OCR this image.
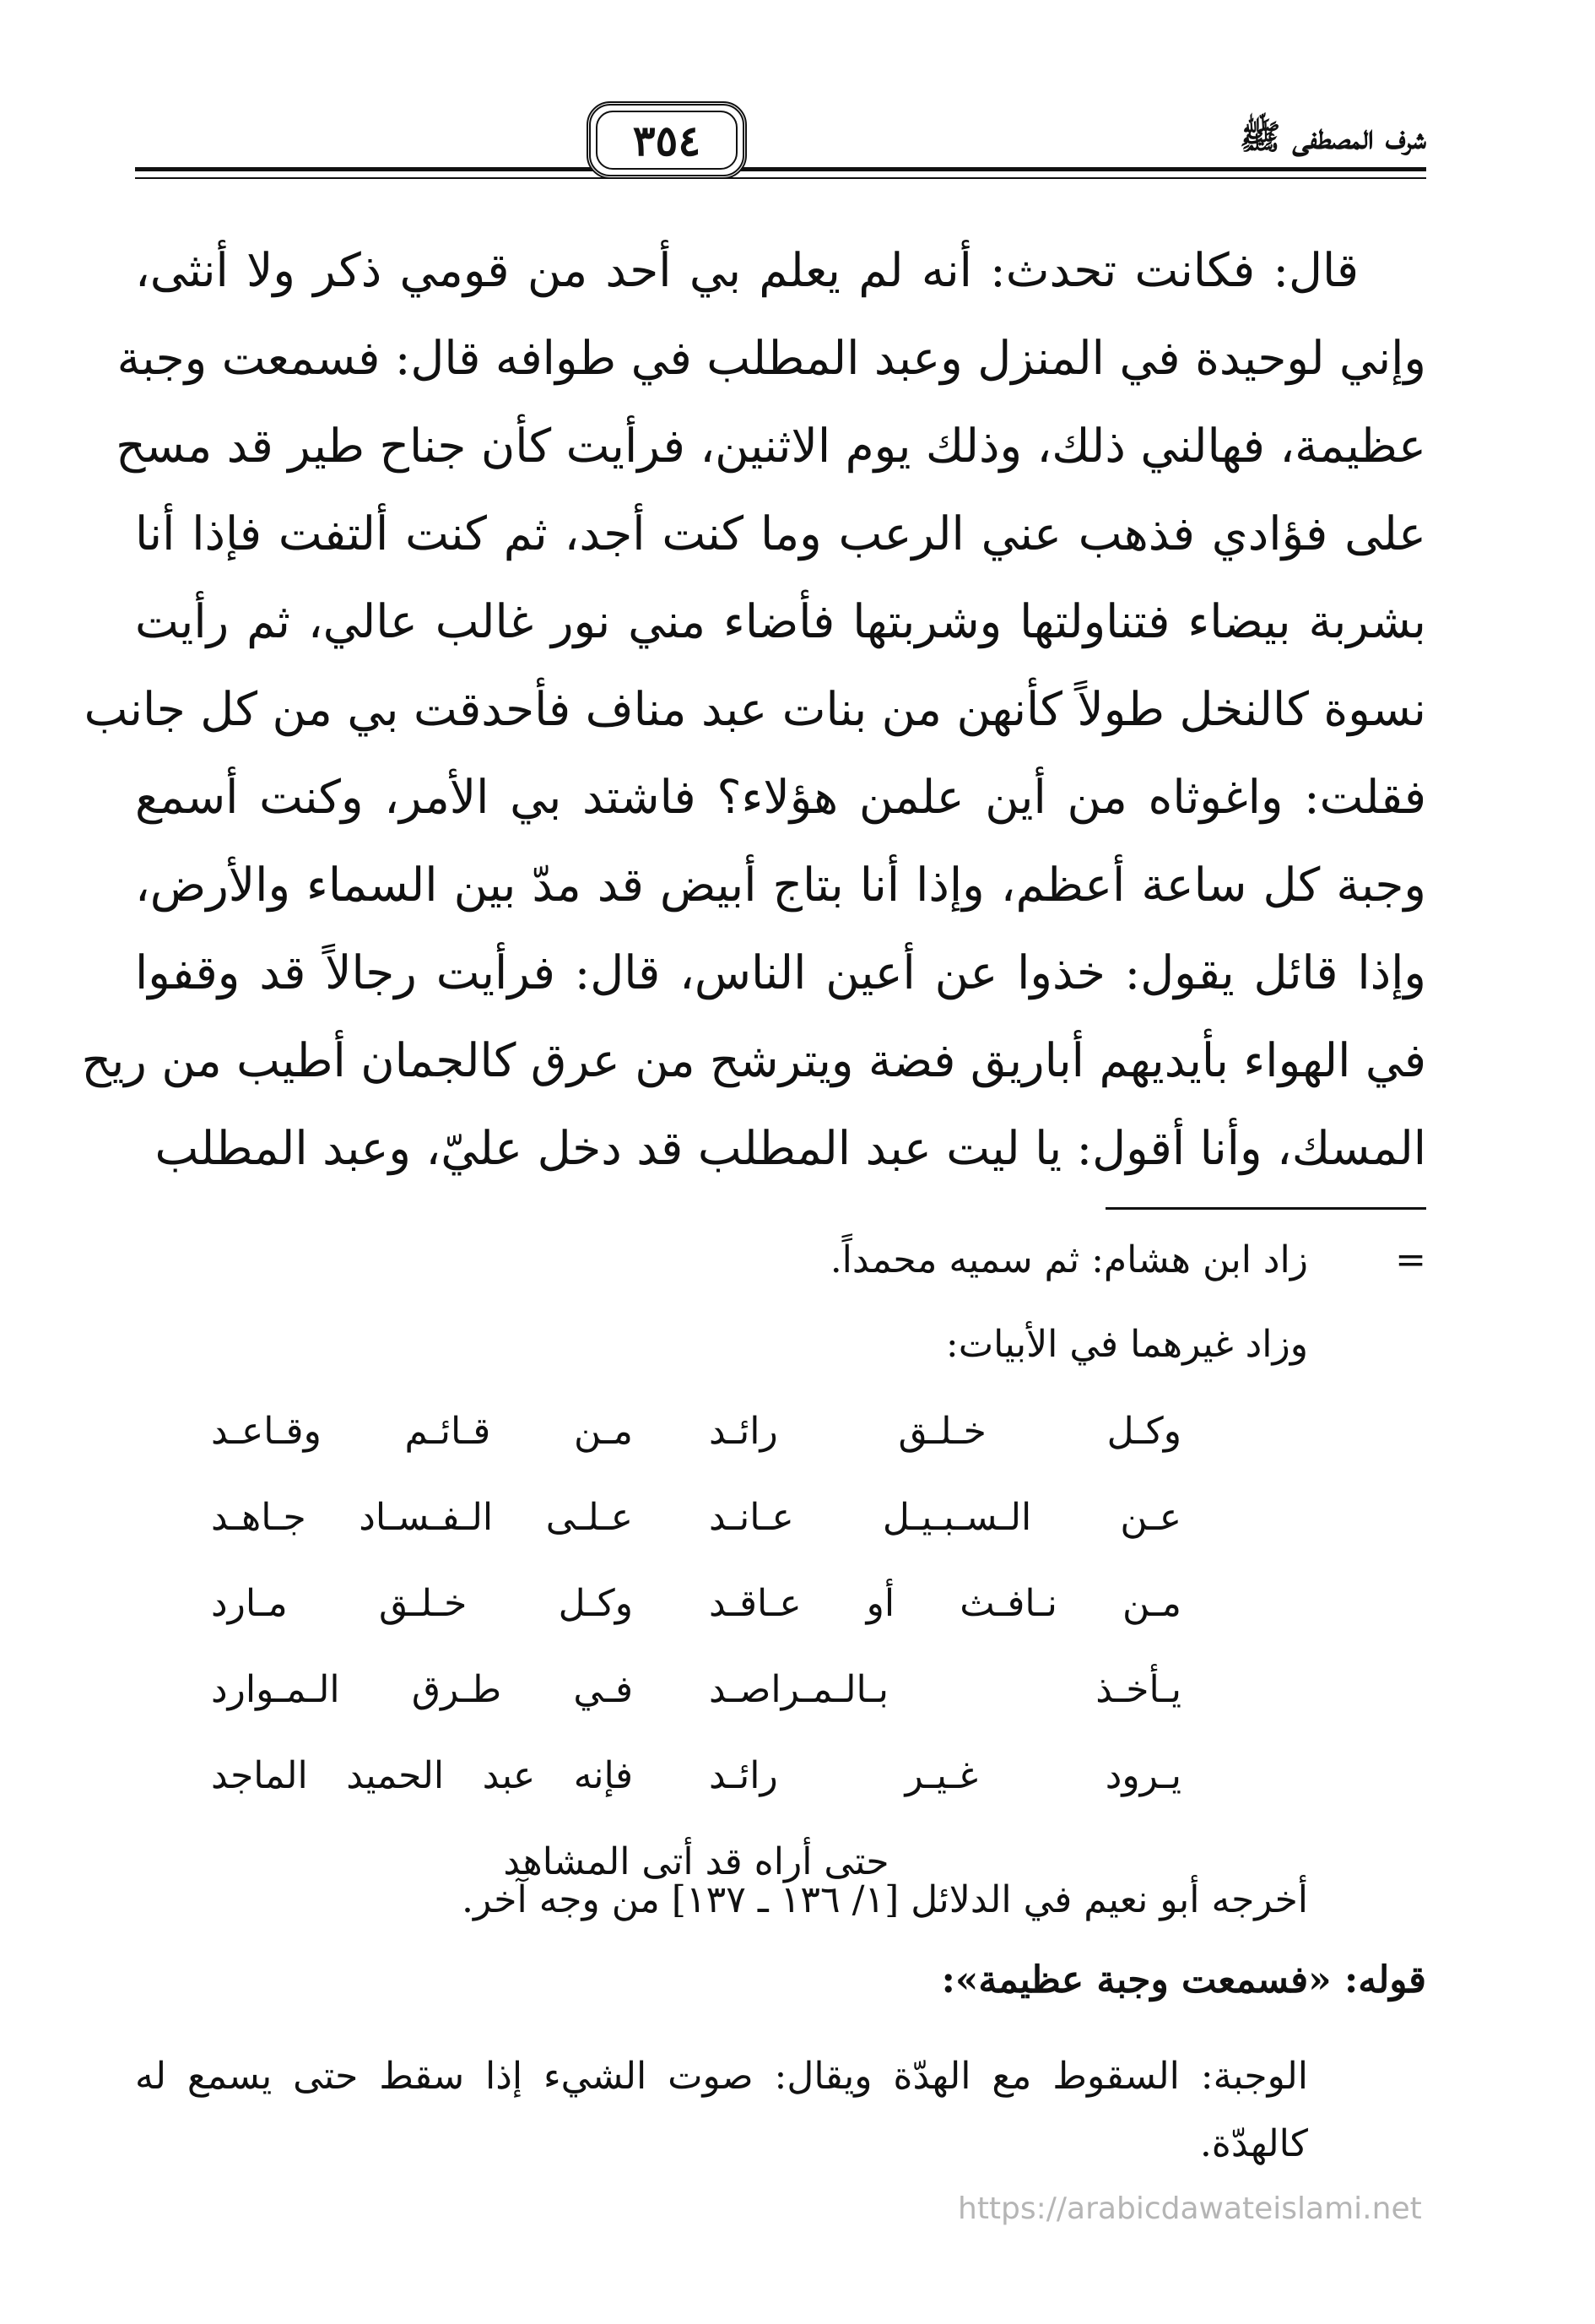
شرف المصطفى ﷺ
٣٥٤
قال: فكانت تحدث: أنه لم يعلم بي أحد من قومي ذكر ولا أنثى،
وإني لوحيدة في المنزل وعبد المطلب في طوافه قال: فسمعت وجبة
عظيمة، فهالني ذلك، وذلك يوم الاثنين، فرأيت كأن جناح طير قد مسح
على فؤادي فذهب عني الرعب وما كنت أجد، ثم كنت ألتفت فإذا أنا
بشربة بيضاء فتناولتها وشربتها فأضاء مني نور غالب عالي، ثم رأيت
نسوة كالنخل طولاً كأنهن من بنات عبد مناف فأحدقت بي من كل جانب
فقلت: واغوثاه من أين علمن هؤلاء؟ فاشتد بي الأمر، وكنت أسمع
وجبة كل ساعة أعظم، وإذا أنا بتاج أبيض قد مدّ بين السماء والأرض،
وإذا قائل يقول: خذوا عن أعين الناس، قال: فرأيت رجالاً قد وقفوا
في الهواء بأيديهم أباريق فضة ويترشح من عرق كالجمان أطيب من ريح
المسك، وأنا أقول: يا ليت عبد المطلب قد دخل عليّ، وعبد المطلب
=
زاد ابن هشام: ثم سميه محمداً.
وزاد غيرهما في الأبيات:
وكـل خـلـق رائـد
مـن قـائـم وقـاعـد
عـن الـسـبـيـل عـانـد
عـلـى الـفـسـاد جـاهـد
مـن نـافـث أو عـاقـد
وكـل خـلـق مـارد
يـأخـذ بـالـمـراصـد
فـي طـرق الـمـوارد
يـرود غـيـر رائـد
فإنه عبد الحميد الماجد
حتى أراه قد أتى المشاهد
أخرجه أبو نعيم في الدلائل [١/ ١٣٦ ـ ١٣٧] من وجه آخر.
قوله: «فسمعت وجبة عظيمة»:
الوجبة: السقوط مع الهدّة ويقال: صوت الشيء إذا سقط حتى يسمع له
كالهدّة.
https://arabicdawateislami.net
